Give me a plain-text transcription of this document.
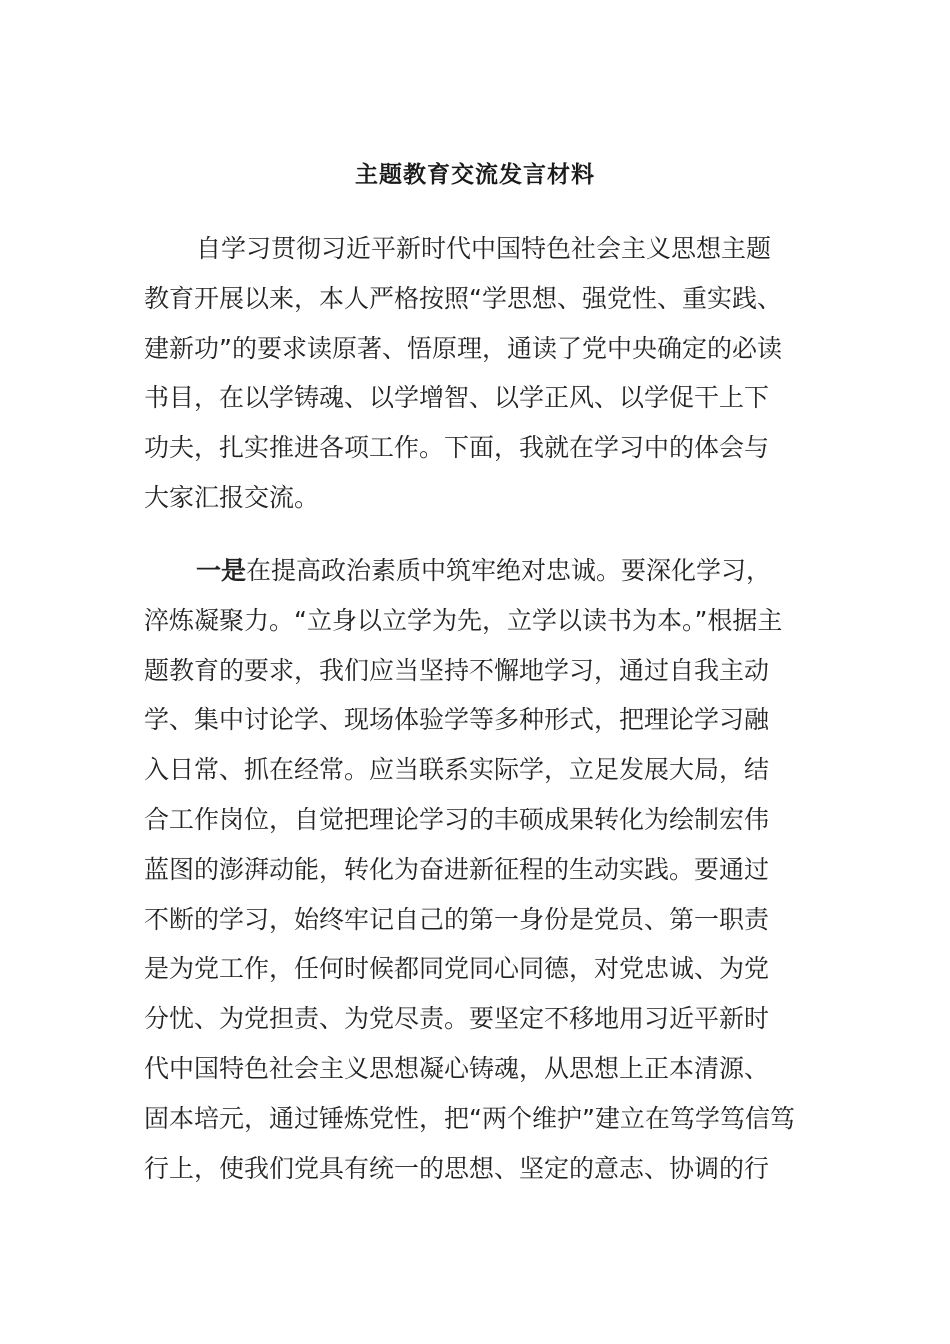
主题教育交流发言材料
自学习贯彻习近平新时代中国特色社会主义思想主题
教育开展以来，本人严格按照“学思想、强党性、重实践、
建新功”的要求读原著、悟原理，通读了党中央确定的必读
书目，在以学铸魂、以学增智、以学正风、以学促干上下
功夫，扎实推进各项工作。下面，我就在学习中的体会与
大家汇报交流。
一是在提高政治素质中筑牢绝对忠诚。要深化学习，
淬炼凝聚力。“立身以立学为先，立学以读书为本。”根据主
题教育的要求，我们应当坚持不懈地学习，通过自我主动
学、集中讨论学、现场体验学等多种形式，把理论学习融
入日常、抓在经常。应当联系实际学，立足发展大局，结
合工作岗位，自觉把理论学习的丰硕成果转化为绘制宏伟
蓝图的澎湃动能，转化为奋进新征程的生动实践。要通过
不断的学习，始终牢记自己的第一身份是党员、第一职责
是为党工作，任何时候都同党同心同德，对党忠诚、为党
分忧、为党担责、为党尽责。要坚定不移地用习近平新时
代中国特色社会主义思想凝心铸魂，从思想上正本清源、
固本培元，通过锤炼党性，把“两个维护”建立在笃学笃信笃
行上，使我们党具有统一的思想、坚定的意志、协调的行
